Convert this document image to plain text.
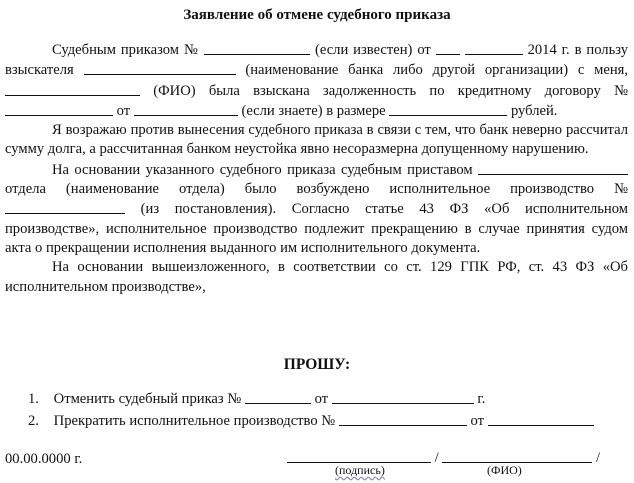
Заявление об отмене судебного приказа

Судебным приказом №	(если известен) от	2014 г. в пользу взыскателя	(наименование банка либо другой организации) с меня,  (ФИО) была взыскана задолженность по кредитному договору №  от	(если знаете) в размере	рублей.

Я возражаю против вынесения судебного приказа в связи с тем, что банк неверно рассчитал сумму долга, а рассчитанная банком неустойка явно несоразмерна допущенному нарушению.

На основании указанного судебного приказа судебным приставом  отдела (наименование отдела) было возбуждено исполнительное производство №  (из постановления). Согласно статье 43 ФЗ «Об исполнительном производстве», исполнительное производство подлежит прекращению в случае принятия судом акта о прекращении исполнения выданного им исполнительного документа.

На основании вышеизложенного, в соответствии со ст. 129 ГПК РФ, ст. 43 ФЗ «Об исполнительном производстве»,

ПРОШУ:
1. Отменить судебный приказ №	от	г.
2. Прекратить исполнительное производство №	от
00.00.0000 г.	/	/
(подпись)	(ФИО)
